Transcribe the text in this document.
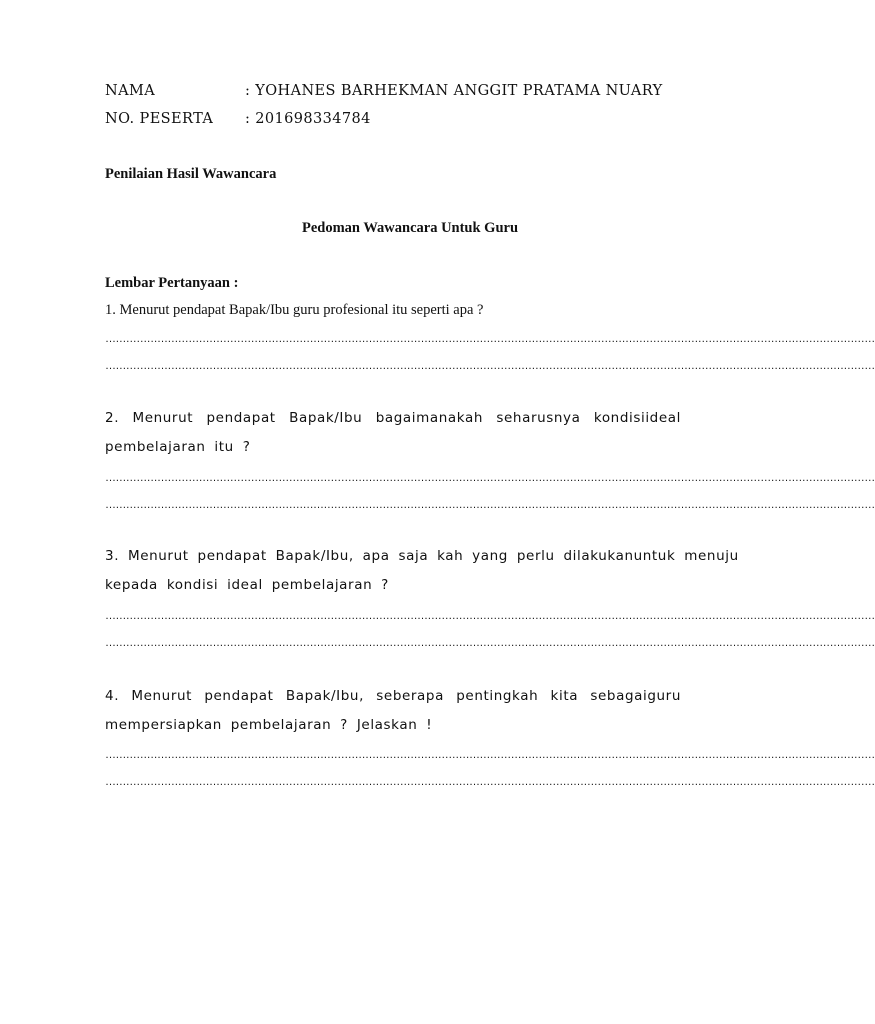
NAMA	: YOHANES BARHEKMAN ANGGIT PRATAMA NUARY
NO. PESERTA : 201698334784
Penilaian Hasil Wawancara
Pedoman Wawancara Untuk Guru
Lembar Pertanyaan :
1. Menurut pendapat Bapak/Ibu guru profesional itu seperti apa ?
……………………………………………………………………………………………………………………………………………………………………………………………………
……………………………………………………………………………………………………………………………………………………………………………………………………
2. Menurut pendapat Bapak/Ibu bagaimanakah seharusnya kondisiideal
pembelajaran itu ?
……………………………………………………………………………………………………………………………………………………………………………………………………
……………………………………………………………………………………………………………………………………………………………………………………………………
3. Menurut pendapat Bapak/Ibu, apa saja kah yang perlu dilakukanuntuk menuju
kepada kondisi ideal pembelajaran ?
……………………………………………………………………………………………………………………………………………………………………………………………………
……………………………………………………………………………………………………………………………………………………………………………………………………
4. Menurut pendapat Bapak/Ibu, seberapa pentingkah kita sebagaiguru
mempersiapkan pembelajaran ? Jelaskan !
……………………………………………………………………………………………………………………………………………………………………………………………………
……………………………………………………………………………………………………………………………………………………………………………………………………
